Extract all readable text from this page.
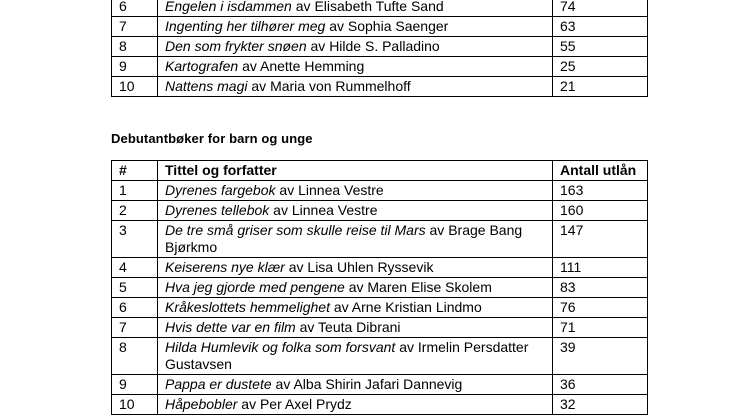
6	Engelen i isdammen av Elisabeth Tufte Sand	74
7	Ingenting her tilhører meg av Sophia Saenger	63
8	Den som frykter snøen av Hilde S. Palladino	55
9	Kartografen av Anette Hemming	25
10	Nattens magi av Maria von Rummelhoff	21
Debutantbøker for barn og unge
#	Tittel og forfatter	Antall utlån
1	Dyrenes fargebok av Linnea Vestre	163
2	Dyrenes tellebok av Linnea Vestre	160
3	De tre små griser som skulle reise til Mars av Brage Bang Bjørkmo	147
4	Keiserens nye klær av Lisa Uhlen Ryssevik	111
5	Hva jeg gjorde med pengene av Maren Elise Skolem	83
6	Kråkeslottets hemmelighet av Arne Kristian Lindmo	76
7	Hvis dette var en film av Teuta Dibrani	71
8	Hilda Humlevik og folka som forsvant av Irmelin Persdatter Gustavsen	39
9	Pappa er dustete av Alba Shirin Jafari Dannevig	36
10	Håpebobler av Per Axel Prydz	32
